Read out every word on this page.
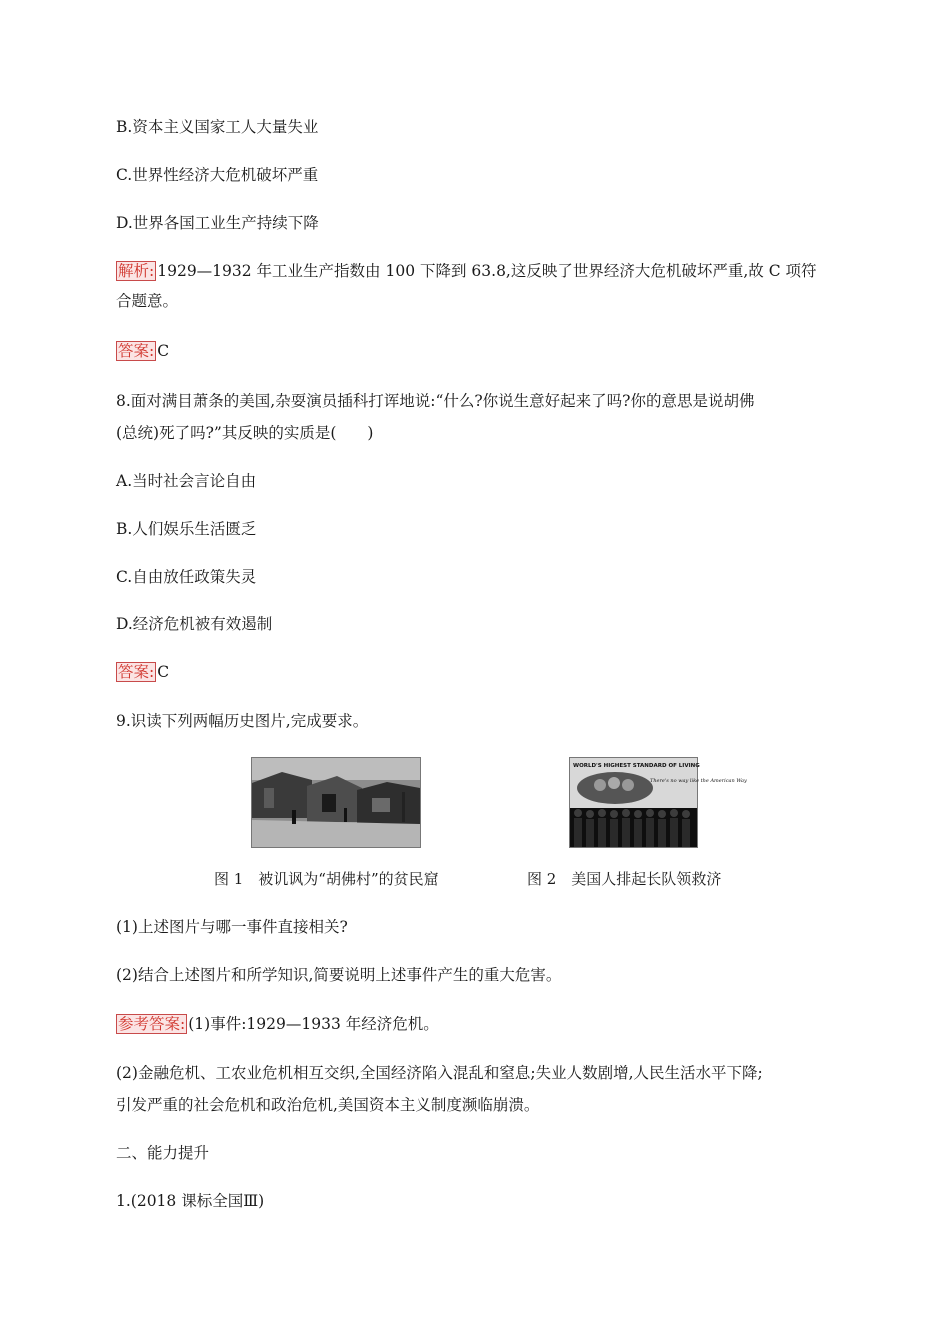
B.资本主义国家工人大量失业
C.世界性经济大危机破坏严重
D.世界各国工业生产持续下降
解析: 1929—1932 年工业生产指数由 100 下降到 63.8,这反映了世界经济大危机破坏严重,故 C 项符
合题意。
答案: C
8.面对满目萧条的美国,杂耍演员插科打诨地说:“什么?你说生意好起来了吗?你的意思是说胡佛
(总统)死了吗?”其反映的实质是(　　)
A.当时社会言论自由
B.人们娱乐生活匮乏
C.自由放任政策失灵
D.经济危机被有效遏制
答案: C
9.识读下列两幅历史图片,完成要求。
WORLD'S HIGHEST STANDARD OF LIVING
There's no way like the American Way
图 1　被讥讽为“胡佛村”的贫民窟	图 2　美国人排起长队领救济
(1)上述图片与哪一事件直接相关?
(2)结合上述图片和所学知识,简要说明上述事件产生的重大危害。
参考答案: (1)事件:1929—1933 年经济危机。
(2)金融危机、工农业危机相互交织,全国经济陷入混乱和窒息;失业人数剧增,人民生活水平下降;
引发严重的社会危机和政治危机,美国资本主义制度濒临崩溃。
二、能力提升
1.(2018 课标全国Ⅲ)
